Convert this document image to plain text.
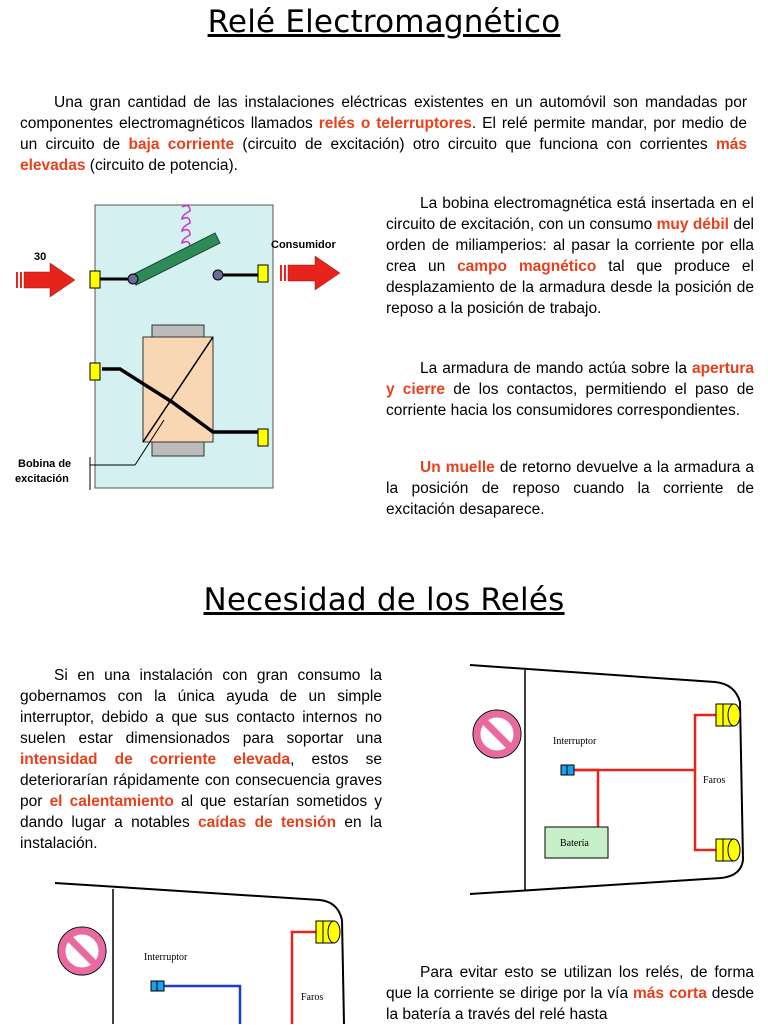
Relé Electromagnético
Una gran cantidad de las instalaciones eléctricas existentes en un automóvil son mandadas por componentes electromagnéticos llamados relés o telerruptores. El relé permite mandar, por medio de un circuito de baja corriente (circuito de excitación) otro circuito que funciona con corrientes más elevadas (circuito de potencia).
30
Consumidor
Bobina de
excitación
La bobina electromagnética está insertada en el circuito de excitación, con un consumo muy débil del orden de miliamperios: al pasar la corriente por ella crea un campo magnético tal que produce el desplazamiento de la armadura desde la posición de reposo a la posición de trabajo.
La armadura de mando actúa sobre la apertura y cierre de los contactos, permitiendo el paso de corriente hacia los consumidores correspondientes.
Un muelle de retorno devuelve a la armadura a la posición de reposo cuando la corriente de excitación desaparece.
Necesidad de los Relés
Si en una instalación con gran consumo la gobernamos con la única ayuda de un simple interruptor, debido a que sus contacto internos no suelen estar dimensionados para soportar una intensidad de corriente elevada, estos se deteriorarían rápidamente con consecuencia graves por el calentamiento al que estarían sometidos y dando lugar a notables caídas de tensión en la instalación.
Interruptor
Faros
Batería
Interruptor
Faros
Para evitar esto se utilizan los relés, de forma que la corriente se dirige por la vía más corta desde la batería a través del relé hasta
